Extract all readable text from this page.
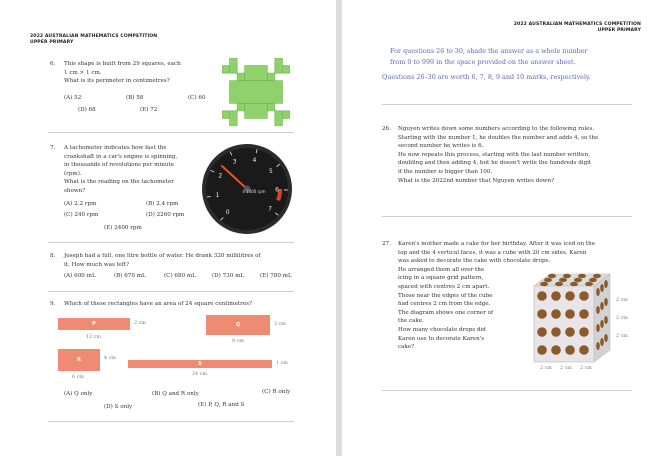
2022 AUSTRALIAN MATHEMATICS COMPETITION
UPPER PRIMARY
6. This shape is built from 29 squares, each
1 cm × 1 cm.
What is its perimeter in centimetres?
(A) 52	(B) 58	(C) 60
(D) 68	(E) 72
7. A tachometer indicates how fast the
crankshaft in a car's engine is spinning,
in thousands of revolutions per minute
(rpm).
What is the reading on the tachometer
shown?
(A) 2.2 rpm	(B) 2.4 rpm
(C) 240 rpm	(D) 2260 rpm
(E) 2400 rpm
0
1
2
3	4
5
6
7
x 1000 rpm
8. Joseph had a full, one litre bottle of water. He drank 320 millilitres of
it. How much was left?
(A) 600 mL	(B) 670 mL	(C) 680 mL	(D) 730 mL	(E) 780 mL
9. Which of these rectangles have an area of 24 square centimetres?
P	2 cm
12 cm
Q	3 cm
8 cm
R	4 cm
6 cm
S	1 cm
24 cm
(A) Q only	(B) Q and R only	(C) R only
(D) S only	(E) P, Q, R and S
2022 AUSTRALIAN MATHEMATICS COMPETITION
UPPER PRIMARY
For questions 26 to 30, shade the answer as a whole number
from 0 to 999 in the space provided on the answer sheet.
Questions 26–30 are worth 6, 7, 8, 9 and 10 marks, respectively.
26. Nguyen writes down some numbers according to the following rules.
Starting with the number 1, he doubles the number and adds 4, so the
second number he writes is 6.
He now repeats this process, starting with the last number written,
doubling and then adding 4, but he doesn't write the hundreds digit
if the number is bigger than 100.
What is the 2022nd number that Nguyen writes down?
27. Karen's mother made a cake for her birthday. After it was iced on the
top and the 4 vertical faces, it was a cube with 20 cm sides. Karen
was asked to decorate the cake with chocolate drops.
He arranged them all over the
icing in a square grid pattern,
spaced with centres 2 cm apart.
Those near the edges of the cube
had centres 2 cm from the edge.
The diagram shows one corner of
the cake.
How many chocolate drops did
Karen use to decorate Karen's
cake?
2 cm
2 cm
2 cm
2 cm 2 cm 2 cm
